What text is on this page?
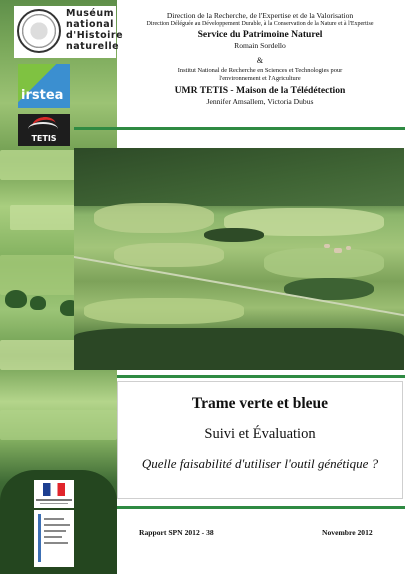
Muséum
national
d'Histoire
naturelle
irstea
TETIS
Direction de la Recherche, de l'Expertise et de la Valorisation
Direction Déléguée au Développement Durable, à la Conservation de la Nature et à l'Expertise
Service du Patrimoine Naturel
Romain Sordello
&
Institut National de Recherche en Sciences et Technologies pour
l'environnement et l'Agriculture
UMR TETIS - Maison de la Télédétection
Jennifer Amsallem, Victoria Dubus
Trame verte et bleue
Suivi et Évaluation
Quelle faisabilité d'utiliser l'outil génétique ?
Rapport SPN 2012 - 38	Novembre 2012
